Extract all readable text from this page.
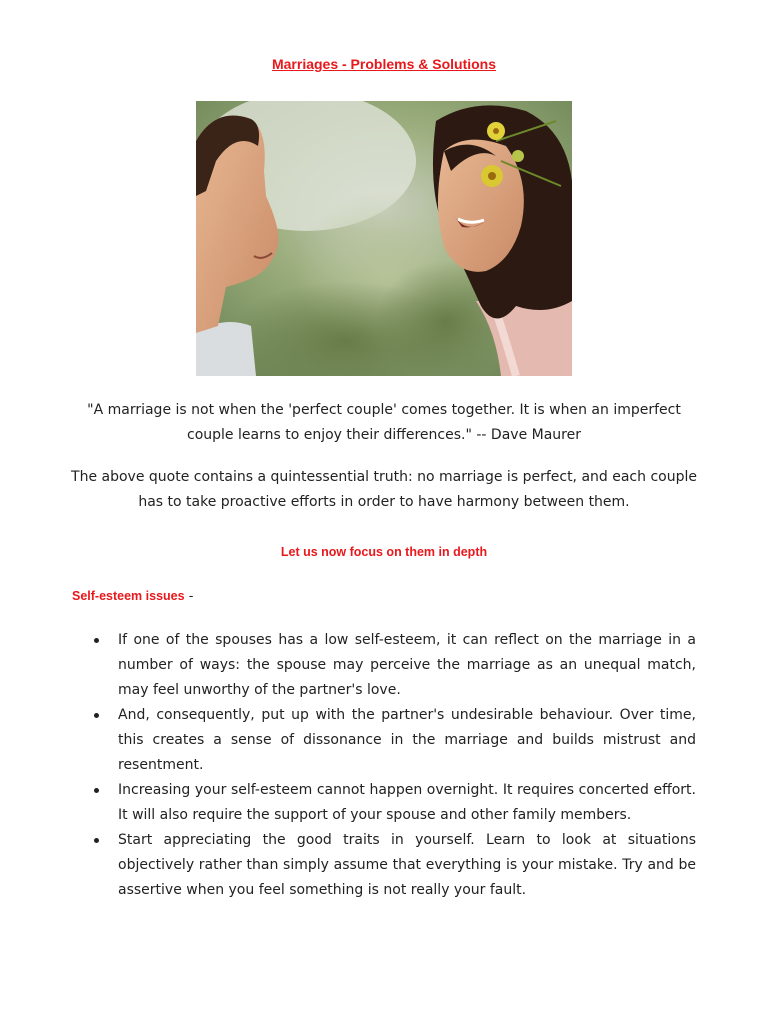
Marriages - Problems & Solutions
"A marriage is not when the 'perfect couple' comes together. It is when an imperfect couple learns to enjoy their differences." -- Dave Maurer
The above quote contains a quintessential truth: no marriage is perfect, and each couple has to take proactive efforts in order to have harmony between them.
Let us now focus on them in depth
Self-esteem issues -
If one of the spouses has a low self-esteem, it can reflect on the marriage in a number of ways: the spouse may perceive the marriage as an unequal match, may feel unworthy of the partner's love.
And, consequently, put up with the partner's undesirable behaviour. Over time, this creates a sense of dissonance in the marriage and builds mistrust and resentment.
Increasing your self-esteem cannot happen overnight. It requires concerted effort. It will also require the support of your spouse and other family members.
Start appreciating the good traits in yourself. Learn to look at situations objectively rather than simply assume that everything is your mistake. Try and be assertive when you feel something is not really your fault.
